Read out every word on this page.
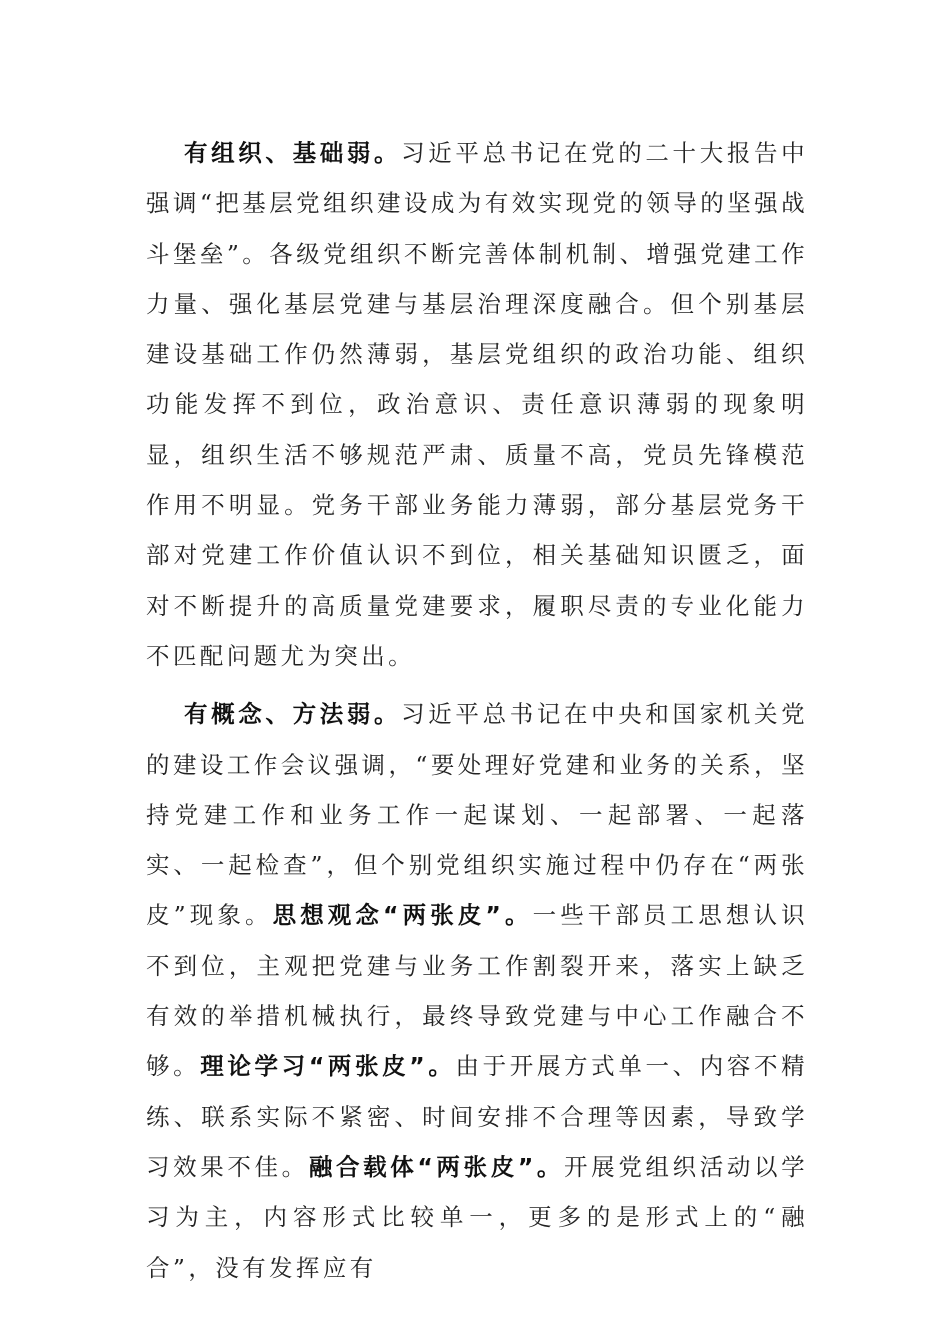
有组织、基础弱。习近平总书记在党的二十大报告中强调“把基层党组织建设成为有效实现党的领导的坚强战斗堡垒”。各级党组织不断完善体制机制、增强党建工作力量、强化基层党建与基层治理深度融合。但个别基层建设基础工作仍然薄弱，基层党组织的政治功能、组织功能发挥不到位，政治意识、责任意识薄弱的现象明显，组织生活不够规范严肃、质量不高，党员先锋模范作用不明显。党务干部业务能力薄弱，部分基层党务干部对党建工作价值认识不到位，相关基础知识匮乏，面对不断提升的高质量党建要求，履职尽责的专业化能力不匹配问题尤为突出。

有概念、方法弱。习近平总书记在中央和国家机关党的建设工作会议强调，“要处理好党建和业务的关系，坚持党建工作和业务工作一起谋划、一起部署、一起落实、一起检查”，但个别党组织实施过程中仍存在“两张皮”现象。思想观念“两张皮”。一些干部员工思想认识不到位，主观把党建与业务工作割裂开来，落实上缺乏有效的举措机械执行，最终导致党建与中心工作融合不够。理论学习“两张皮”。由于开展方式单一、内容不精练、联系实际不紧密、时间安排不合理等因素，导致学习效果不佳。融合载体“两张皮”。开展党组织活动以学习为主，内容形式比较单一，更多的是形式上的“融合”，没有发挥应有
